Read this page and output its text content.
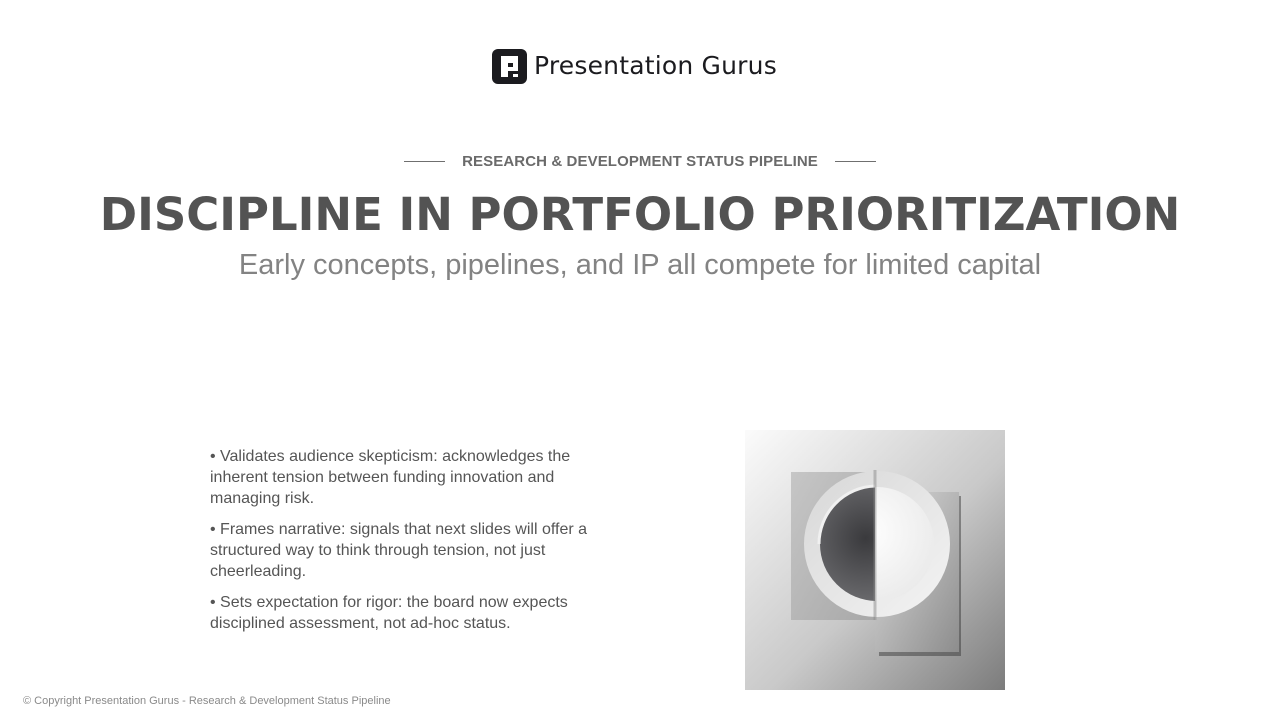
Presentation Gurus
RESEARCH & DEVELOPMENT STATUS PIPELINE
DISCIPLINE IN PORTFOLIO PRIORITIZATION
Early concepts, pipelines, and IP all compete for limited capital
• Validates audience skepticism: acknowledges the inherent tension between funding innovation and managing risk.
• Frames narrative: signals that next slides will offer a structured way to think through tension, not just cheerleading.
• Sets expectation for rigor: the board now expects disciplined assessment, not ad-hoc status.
© Copyright Presentation Gurus - Research & Development Status Pipeline
